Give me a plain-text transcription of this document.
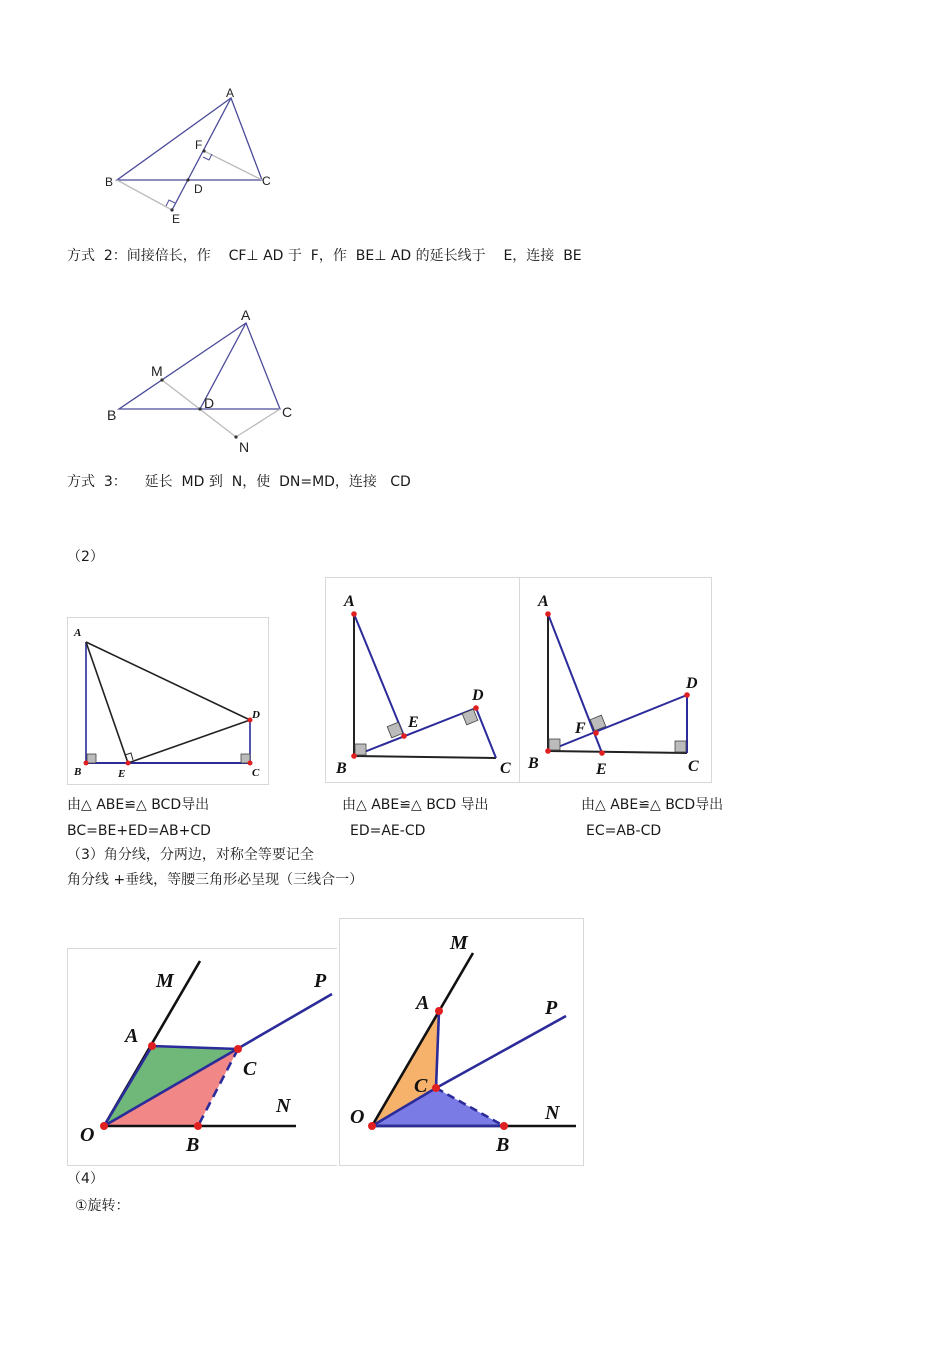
A
B	C
D
E
F
方式  2：间接倍长，作    CF⊥ AD 于  F，作  BE⊥ AD 的延长线于    E，连接  BE
A
B	C
D
M
N
方式  3：    延长  MD 到  N，使  DN=MD，连接   CD
（2）
A
B	C
D
E
A
B	C
D
E
A
B	C
D
E
F
由△ ABE≌△ BCD导出
BC=BE+ED=AB+CD
由△ ABE≌△ BCD 导出
ED=AE-CD
由△ ABE≌△ BCD导出
EC=AB-CD
（3）角分线，分两边，对称全等要记全
角分线 +垂线，等腰三角形必呈现（三线合一）
O
A
B
C
M
N
P
O
A
B
C
M
N
P
（4）
①旋转：
